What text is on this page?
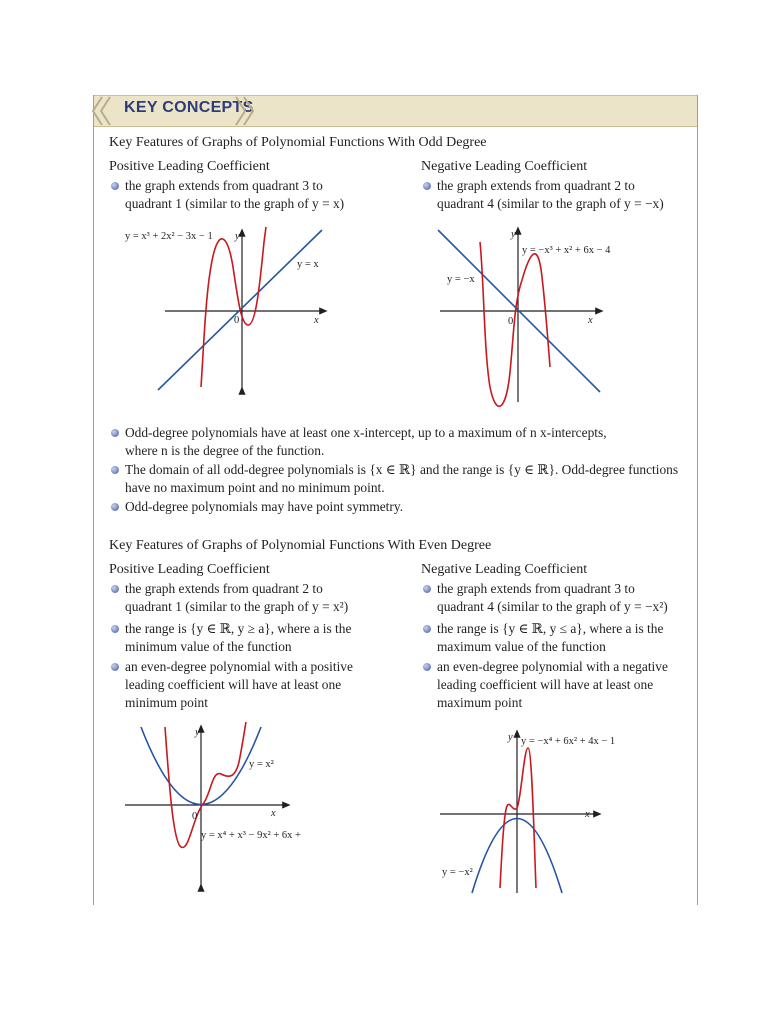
KEY CONCEPTS
Key Features of Graphs of Polynomial Functions With Odd Degree
Positive Leading Coefficient
the graph extends from quadrant 3 to
quadrant 1 (similar to the graph of y = x)
Negative Leading Coefficient
the graph extends from quadrant 2 to
quadrant 4 (similar to the graph of y = −x)
y = x³ + 2x² − 3x − 1 y
y = x
0	x
y
y = −x³ + x² + 6x − 4
y = −x
0	x
Odd-degree polynomials have at least one x-intercept, up to a maximum of n x-intercepts,
where n is the degree of the function.
The domain of all odd-degree polynomials is {x ∈ ℝ} and the range is {y ∈ ℝ}. Odd-degree functions
have no maximum point and no minimum point.
Odd-degree polynomials may have point symmetry.
Key Features of Graphs of Polynomial Functions With Even Degree
Positive Leading Coefficient
the graph extends from quadrant 2 to
quadrant 1 (similar to the graph of y = x²)
the range is {y ∈ ℝ, y ≥ a}, where a is the
minimum value of the function
an even-degree polynomial with a positive
leading coefficient will have at least one
minimum point
Negative Leading Coefficient
the graph extends from quadrant 3 to
quadrant 4 (similar to the graph of y = −x²)
the range is {y ∈ ℝ, y ≤ a}, where a is the
maximum value of the function
an even-degree polynomial with a negative
leading coefficient will have at least one
maximum point
y
y = x²
0	x
y = x⁴ + x³ − 9x² + 6x +
y y = −x⁴ + 6x² + 4x − 1
x
y = −x²
